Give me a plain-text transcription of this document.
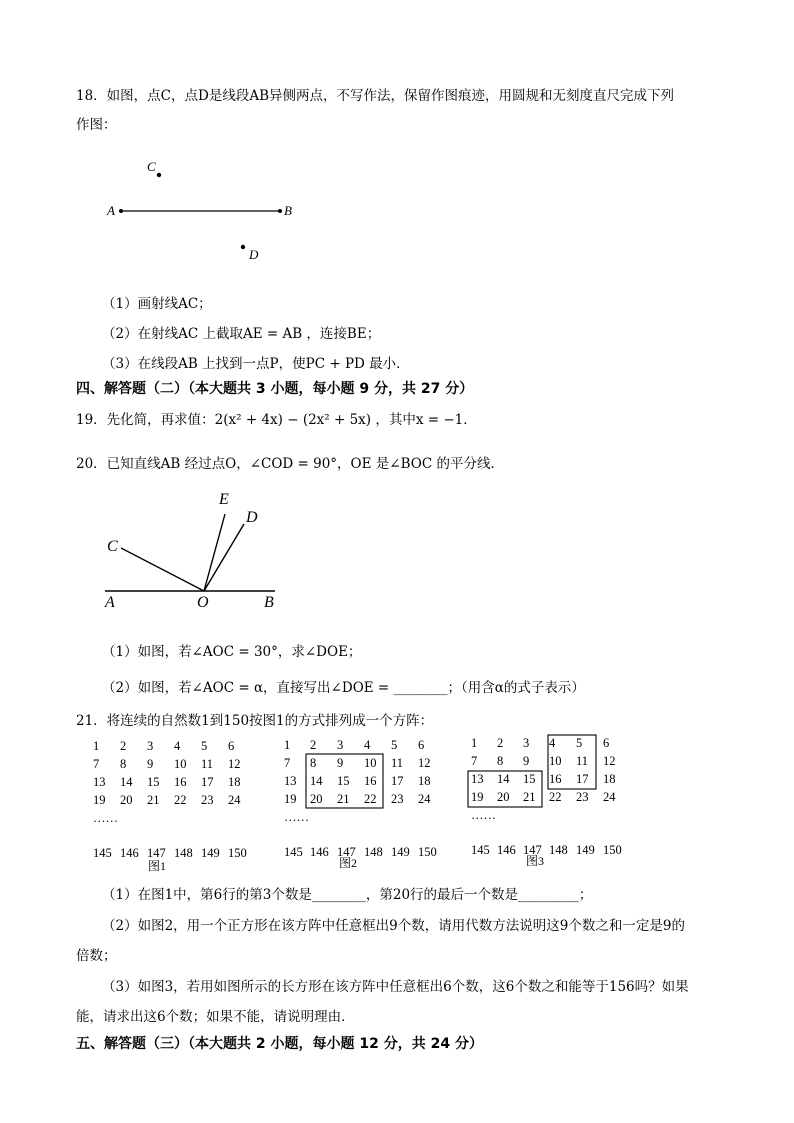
18．如图，点C，点D是线段AB异侧两点，不写作法，保留作图痕迹，用圆规和无刻度直尺完成下列
作图：
C
A	B
D
（1）画射线AC；
（2）在射线AC 上截取AE = AB ，连接BE；
（3）在线段AB 上找到一点P，使PC + PD 最小．
四、解答题（二）（本大题共 3 小题，每小题 9 分，共 27 分）
19．先化简，再求值：2(x² + 4x) − (2x² + 5x) ，其中x = −1．
20．已知直线AB 经过点O，∠COD = 90°，OE 是∠BOC 的平分线．
E
D
C
A	O	B
（1）如图，若∠AOC = 30°，求∠DOE；
（2）如图，若∠AOC = α，直接写出∠DOE = ________；（用含α的式子表示）
21．将连续的自然数1到150按图1的方式排列成一个方阵：
1	2	3	4	5	6
7	8	9	10	11	12
13	14	15	16	17	18
19	20	21	22	23	24
……					
145	146	147	148	149	150
1	2	3	4	5	6
7	8	9	10	11	12
13	14	15	16	17	18
19	20	21	22	23	24
……					
145	146	147	148	149	150
1	2	3	4	5	6
7	8	9	10	11	12
13	14	15	16	17	18
19	20	21	22	23	24
……					
145	146	147	148	149	150
图1	图2	图3
（1）在图1中，第6行的第3个数是________，第20行的最后一个数是_________；
（2）如图2，用一个正方形在该方阵中任意框出9个数，请用代数方法说明这9个数之和一定是9的
倍数；
（3）如图3，若用如图所示的长方形在该方阵中任意框出6个数，这6个数之和能等于156吗？如果
能，请求出这6个数；如果不能，请说明理由．
五、解答题（三）（本大题共 2 小题，每小题 12 分，共 24 分）
